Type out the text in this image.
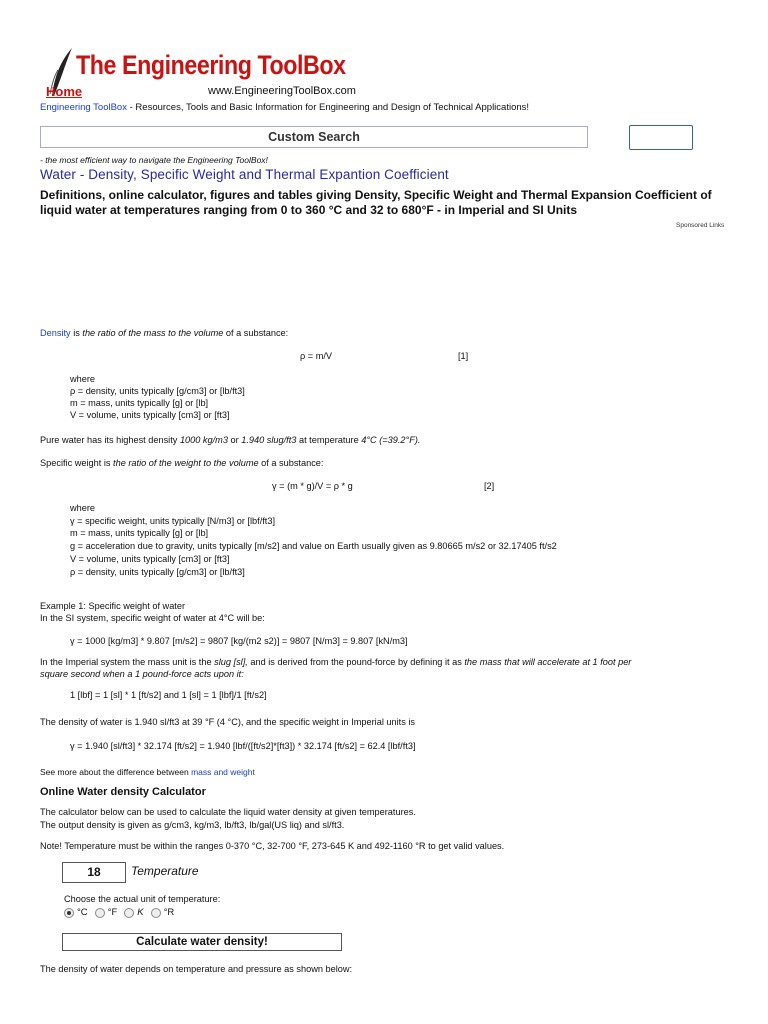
The Engineering ToolBox
Home	www.EngineeringToolBox.com
Engineering ToolBox - Resources, Tools and Basic Information for Engineering and Design of Technical Applications!
Custom Search
- the most efficient way to navigate the Engineering ToolBox!
Water - Density, Specific Weight and Thermal Expantion Coefficient
Definitions, online calculator, figures and tables giving Density, Specific Weight and Thermal Expansion Coefficient of liquid water at temperatures ranging from 0 to 360 °C and 32 to 680°F - in Imperial and SI Units
Sponsored Links

Density is the ratio of the mass to the volume of a substance:

ρ = m/V	[1]

where

ρ = density, units typically [g/cm3] or [lb/ft3]

m = mass, units typically [g] or [lb]

V = volume, units typically [cm3] or [ft3]

Pure water has its highest density 1000 kg/m3 or 1.940 slug/ft3 at temperature 4°C (=39.2°F).

Specific weight is the ratio of the weight to the volume of a substance:

γ = (m * g)/V = ρ * g	[2]

where

γ = specific weight, units typically [N/m3] or [lbf/ft3]

m = mass, units typically [g] or [lb]

g = acceleration due to gravity, units typically [m/s2] and value on Earth usually given as 9.80665 m/s2 or 32.17405 ft/s2

V = volume, units typically [cm3] or [ft3]

ρ = density, units typically [g/cm3] or [lb/ft3]

Example 1: Specific weight of water

In the SI system, specific weight of water at 4°C will be:

γ = 1000 [kg/m3] * 9.807 [m/s2] = 9807 [kg/(m2 s2)] = 9807 [N/m3] = 9.807 [kN/m3]

In the Imperial system the mass unit is the slug [sl], and is derived from the pound-force by defining it as the mass that will accelerate at 1 foot per

square second when a 1 pound-force acts upon it:

1 [lbf] = 1 [sl] * 1 [ft/s2] and 1 [sl] = 1 [lbf]/1 [ft/s2]

The density of water is 1.940 sl/ft3 at 39 °F (4 °C), and the specific weight in Imperial units is

γ = 1.940 [sl/ft3] * 32.174 [ft/s2] = 1.940 [lbf/([ft/s2]*[ft3]) * 32.174 [ft/s2] = 62.4 [lbf/ft3]

See more about the difference between mass and weight

Online Water density Calculator

The calculator below can be used to calculate the liquid water density at given temperatures.

The output density is given as g/cm3, kg/m3, lb/ft3, lb/gal(US liq) and sl/ft3.

Note! Temperature must be within the ranges 0-370 °C, 32-700 °F, 273-645 K and 492-1160 °R to get valid values.

18	Temperature

Choose the actual unit of temperature:

°C °F K °R
Calculate water density!

The density of water depends on temperature and pressure as shown below:
